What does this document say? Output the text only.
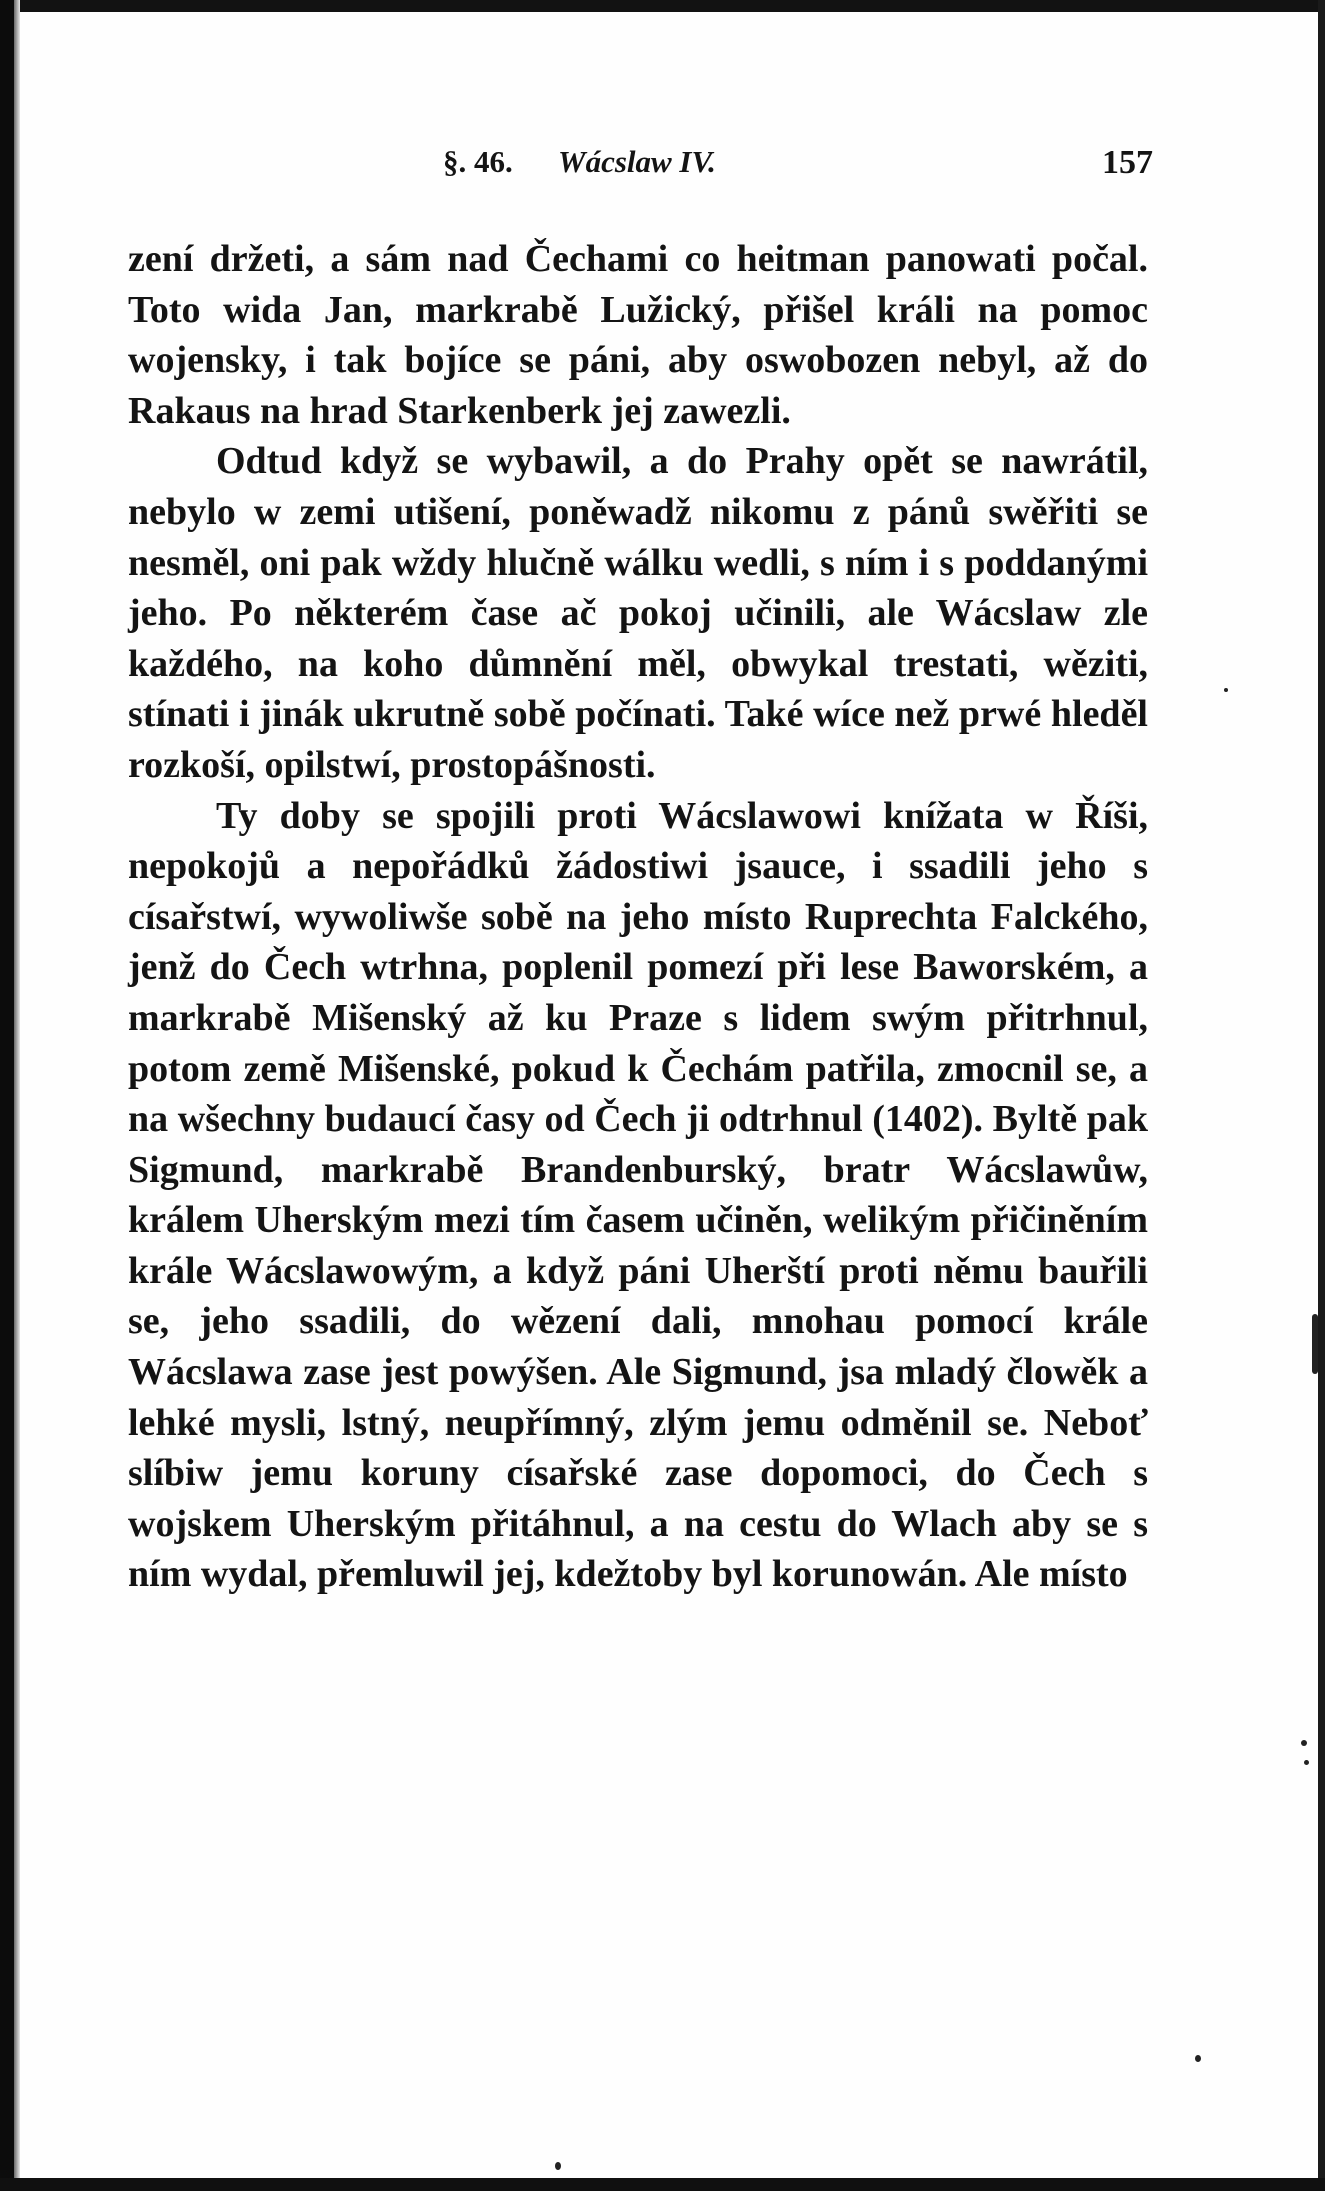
§. 46. Wácslaw IV.	157

zení držeti, a sám nad Čechami co heitman panowati počal. Toto wida Jan, markrabě Lužický, přišel králi na pomoc wojensky, i tak bojíce se páni, aby oswobozen nebyl, až do Rakaus na hrad Starkenberk jej zawezli.

Odtud když se wybawil, a do Prahy opět se nawrátil, nebylo w zemi utišení, poněwadž nikomu z pánů swěřiti se nesměl, oni pak wždy hlučně wálku wedli, s ním i s poddanými jeho. Po některém čase ač pokoj učinili, ale Wácslaw zle každého, na koho důmnění měl, obwykal trestati, wěziti, stínati i jinák ukrutně sobě počínati. Také wíce než prwé hleděl rozkoší, opilstwí, prostopášnosti.

Ty doby se spojili proti Wácslawowi knížata w Říši, nepokojů a nepořádků žádostiwi jsauce, i ssadili jeho s císařstwí, wywoliwše sobě na jeho místo Ruprechta Falckého, jenž do Čech wtrhna, poplenil pomezí při lese Baworském, a markrabě Mišenský až ku Praze s lidem swým přitrhnul, potom země Mišenské, pokud k Čechám patřila, zmocnil se, a na wšechny budaucí časy od Čech ji odtrhnul (1402). Byltě pak Sigmund, markrabě Brandenburský, bratr Wácslawůw, králem Uherským mezi tím časem učiněn, welikým přičiněním krále Wácslawowým, a když páni Uherští proti němu bauřili se, jeho ssadili, do wězení dali, mnohau pomocí krále Wácslawa zase jest powýšen. Ale Sigmund, jsa mladý člowěk a lehké mysli, lstný, neupřímný, zlým jemu odměnil se. Neboť slíbiw jemu koruny císařské zase dopomoci, do Čech s wojskem Uherským přitáhnul, a na cestu do Wlach aby se s ním wydal, přemluwil jej, kdežtoby byl korunowán. Ale místo
